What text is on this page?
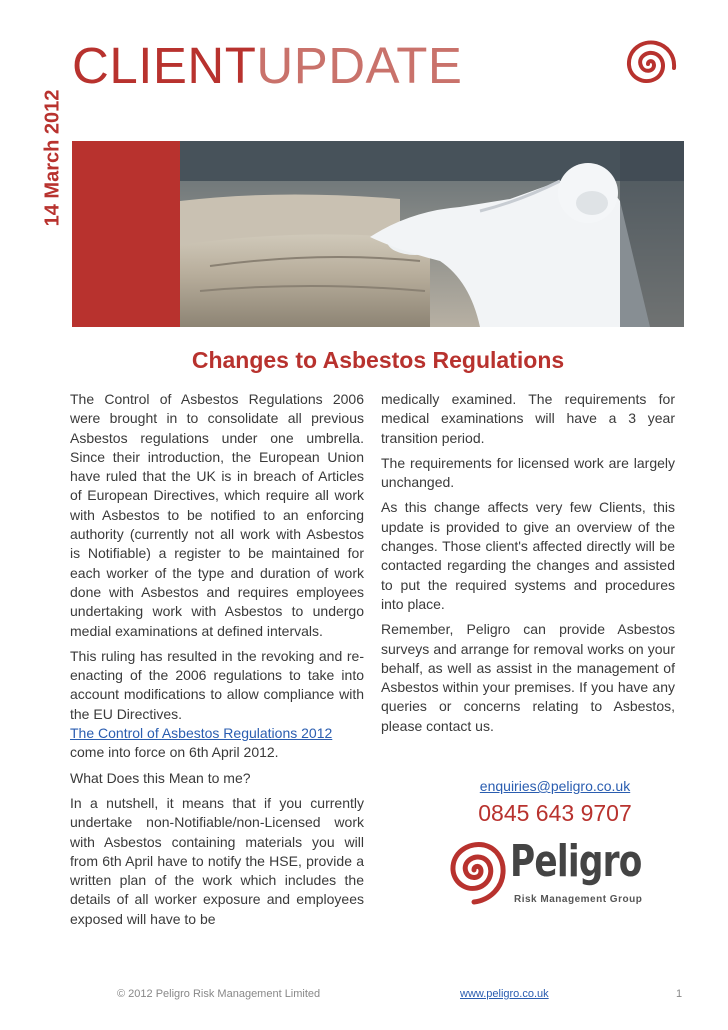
CLIENTUPDATE
14 March 2012
Changes to Asbestos Regulations

The Control of Asbestos Regulations 2006 were brought in to consolidate all previous Asbestos regulations under one umbrella. Since their introduction, the European Union have ruled that the UK is in breach of Articles of European Directives, which require all work with Asbestos to be notified to an enforcing authority (currently not all work with Asbestos is Notifiable) a register to be maintained for each worker of the type and duration of work done with Asbestos and requires employees undertaking work with Asbestos to undergo medial examinations at defined intervals.

This ruling has resulted in the revoking and re-enacting of the 2006 regulations to take into account modifications to allow compliance with the EU Directives.
The Control of Asbestos Regulations 2012
come into force on 6th April 2012.

What Does this Mean to me?

In a nutshell, it means that if you currently undertake non-Notifiable/non-Licensed work with Asbestos containing materials you will from 6th April have to notify the HSE, provide a written plan of the work which includes the details of all worker exposure and employees exposed will have to be

medically examined. The requirements for medical examinations will have a 3 year transition period.

The requirements for licensed work are largely unchanged.

As this change affects very few Clients, this update is provided to give an overview of the changes. Those client's affected directly will be contacted regarding the changes and assisted to put the required systems and procedures into place.

Remember, Peligro can provide Asbestos surveys and arrange for removal works on your behalf, as well as assist in the management of Asbestos within your premises. If you have any queries or concerns relating to Asbestos, please contact us.

enquiries@peligro.co.uk
0845 643 9707
Peligro
Risk Management Group
© 2012 Peligro Risk Management Limited	www.peligro.co.uk	1
